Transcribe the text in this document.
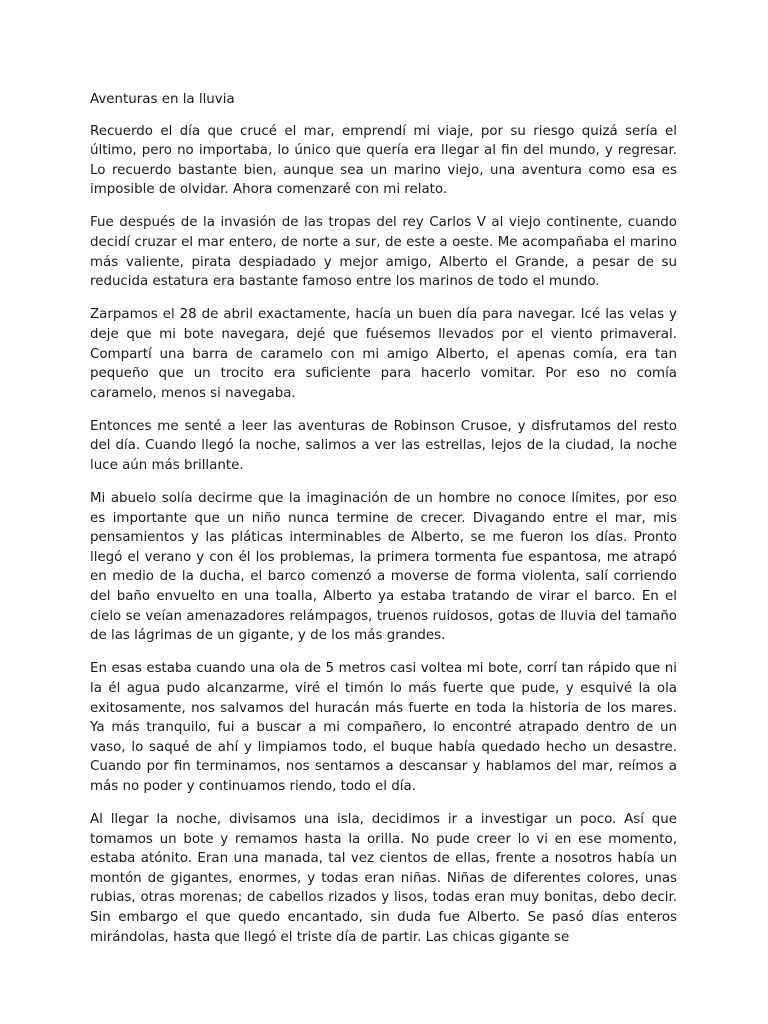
Aventuras en la lluvia

Recuerdo el día que crucé el mar, emprendí mi viaje, por su riesgo quizá sería el último, pero no importaba, lo único que quería era llegar al fin del mundo, y regresar. Lo recuerdo bastante bien, aunque sea un marino viejo, una aventura como esa es imposible de olvidar. Ahora comenzaré con mi relato.

Fue después de la invasión de las tropas del rey Carlos V al viejo continente, cuando decidí cruzar el mar entero, de norte a sur, de este a oeste. Me acompañaba el marino más valiente, pirata despiadado y mejor amigo, Alberto el Grande, a pesar de su reducida estatura era bastante famoso entre los marinos de todo el mundo.

Zarpamos el 28 de abril exactamente, hacía un buen día para navegar. Icé las velas y deje que mi bote navegara, dejé que fuésemos llevados por el viento primaveral. Compartí una barra de caramelo con mi amigo Alberto, el apenas comía, era tan pequeño que un trocito era suficiente para hacerlo vomitar. Por eso no comía caramelo, menos si navegaba.

Entonces me senté a leer las aventuras de Robinson Crusoe, y disfrutamos del resto del día. Cuando llegó la noche, salimos a ver las estrellas, lejos de la ciudad, la noche luce aún más brillante.

Mi abuelo solía decirme que la imaginación de un hombre no conoce límites, por eso es importante que un niño nunca termine de crecer. Divagando entre el mar, mis pensamientos y las pláticas interminables de Alberto, se me fueron los días. Pronto llegó el verano y con él los problemas, la primera tormenta fue espantosa, me atrapó en medio de la ducha, el barco comenzó a moverse de forma violenta, salí corriendo del baño envuelto en una toalla, Alberto ya estaba tratando de virar el barco. En el cielo se veían amenazadores relámpagos, truenos ruidosos, gotas de lluvia del tamaño de las lágrimas de un gigante, y de los más grandes.

En esas estaba cuando una ola de 5 metros casi voltea mi bote, corrí tan rápido que ni la él agua pudo alcanzarme, viré el timón lo más fuerte que pude, y esquivé la ola exitosamente, nos salvamos del huracán más fuerte en toda la historia de los mares. Ya más tranquilo, fui a buscar a mi compañero, lo encontré atrapado dentro de un vaso, lo saqué de ahí y limpiamos todo, el buque había quedado hecho un desastre. Cuando por fin terminamos, nos sentamos a descansar y hablamos del mar, reímos a más no poder y continuamos riendo, todo el día.

Al llegar la noche, divisamos una isla, decidimos ir a investigar un poco. Así que tomamos un bote y remamos hasta la orilla. No pude creer lo vi en ese momento, estaba atónito. Eran una manada, tal vez cientos de ellas, frente a nosotros había un montón de gigantes, enormes, y todas eran niñas. Niñas de diferentes colores, unas rubias, otras morenas; de cabellos rizados y lisos, todas eran muy bonitas, debo decir. Sin embargo el que quedo encantado, sin duda fue Alberto. Se pasó días enteros mirándolas, hasta que llegó el triste día de partir. Las chicas gigante se
